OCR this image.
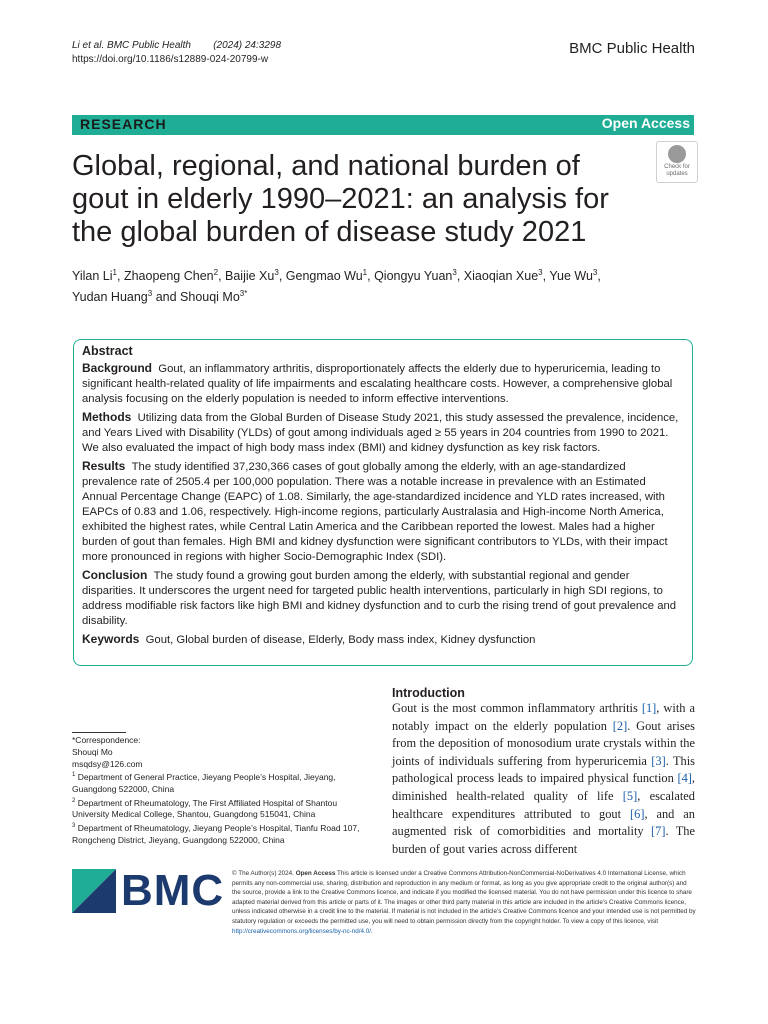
Li et al. BMC Public Health (2024) 24:3298
https://doi.org/10.1186/s12889-024-20799-w
BMC Public Health
RESEARCH	Open Access
Global, regional, and national burden of gout in elderly 1990–2021: an analysis for the global burden of disease study 2021
Check for
updates
Yilan Li$^1$, Zhaopeng Chen$^2$, Baijie Xu$^3$, Gengmao Wu$^1$, Qiongyu Yuan$^3$, Xiaoqian Xue$^3$, Yue Wu$^3$, Yudan Huang$^3$ and Shouqi $Mo^{3*}$
Abstract

Background Gout, an inflammatory arthritis, disproportionately affects the elderly due to hyperuricemia, leading to significant health-related quality of life impairments and escalating healthcare costs. However, a comprehensive global analysis focusing on the elderly population is needed to inform effective interventions.

Methods Utilizing data from the Global Burden of Disease Study 2021, this study assessed the prevalence, incidence, and Years Lived with Disability (YLDs) of gout among individuals aged ≥ 55 years in 204 countries from 1990 to 2021. We also evaluated the impact of high body mass index (BMI) and kidney dysfunction as key risk factors.

Results The study identified 37,230,366 cases of gout globally among the elderly, with an age-standardized prevalence rate of 2505.4 per 100,000 population. There was a notable increase in prevalence with an Estimated Annual Percentage Change (EAPC) of 1.08. Similarly, the age-standardized incidence and YLD rates increased, with EAPCs of 0.83 and 1.06, respectively. High-income regions, particularly Australasia and High-income North America, exhibited the highest rates, while Central Latin America and the Caribbean reported the lowest. Males had a higher burden of gout than females. High BMI and kidney dysfunction were significant contributors to YLDs, with their impact more pronounced in regions with higher Socio-Demographic Index (SDI).

Conclusion The study found a growing gout burden among the elderly, with substantial regional and gender disparities. It underscores the urgent need for targeted public health interventions, particularly in high SDI regions, to address modifiable risk factors like high BMI and kidney dysfunction and to curb the rising trend of gout prevalence and disability.

Keywords Gout, Global burden of disease, Elderly, Body mass index, Kidney dysfunction

*Correspondence:
Shouqi Mo
msqdsy@126.com
$^1$ Department of General Practice, Jieyang People’s Hospital, Jieyang, Guangdong 522000, China
$^2$ Department of Rheumatology, The First Affiliated Hospital of Shantou University Medical College, Shantou, Guangdong 515041, China
$^3$ Department of Rheumatology, Jieyang People’s Hospital, Tianfu Road 107, Rongcheng District, Jieyang, Guangdong 522000, China
Introduction
Gout is the most common inflammatory arthritis [1], with a notably impact on the elderly population [2]. Gout arises from the deposition of monosodium urate crystals within the joints of individuals suffering from hyperuricemia [3]. This pathological process leads to impaired physical function [4], diminished health-related quality of life [5], escalated healthcare expenditures attributed to gout [6], and an augmented risk of comorbidities and mortality [7]. The burden of gout varies across different
BMC © The Author(s) 2024. Open Access This article is licensed under a Creative Commons Attribution-NonCommercial-NoDerivatives 4.0 International License, which permits any non-commercial use, sharing, distribution and reproduction in any medium or format, as long as you give appropriate credit to the original author(s) and the source, provide a link to the Creative Commons licence, and indicate if you modified the licensed material. You do not have permission under this licence to share adapted material derived from this article or parts of it. The images or other third party material in this article are included in the article’s Creative Commons licence, unless indicated otherwise in a credit line to the material. If material is not included in the article’s Creative Commons licence and your intended use is not permitted by statutory regulation or exceeds the permitted use, you will need to obtain permission directly from the copyright holder. To view a copy of this licence, visit http://creativecommons.org/licenses/by-nc-nd/4.0/.
